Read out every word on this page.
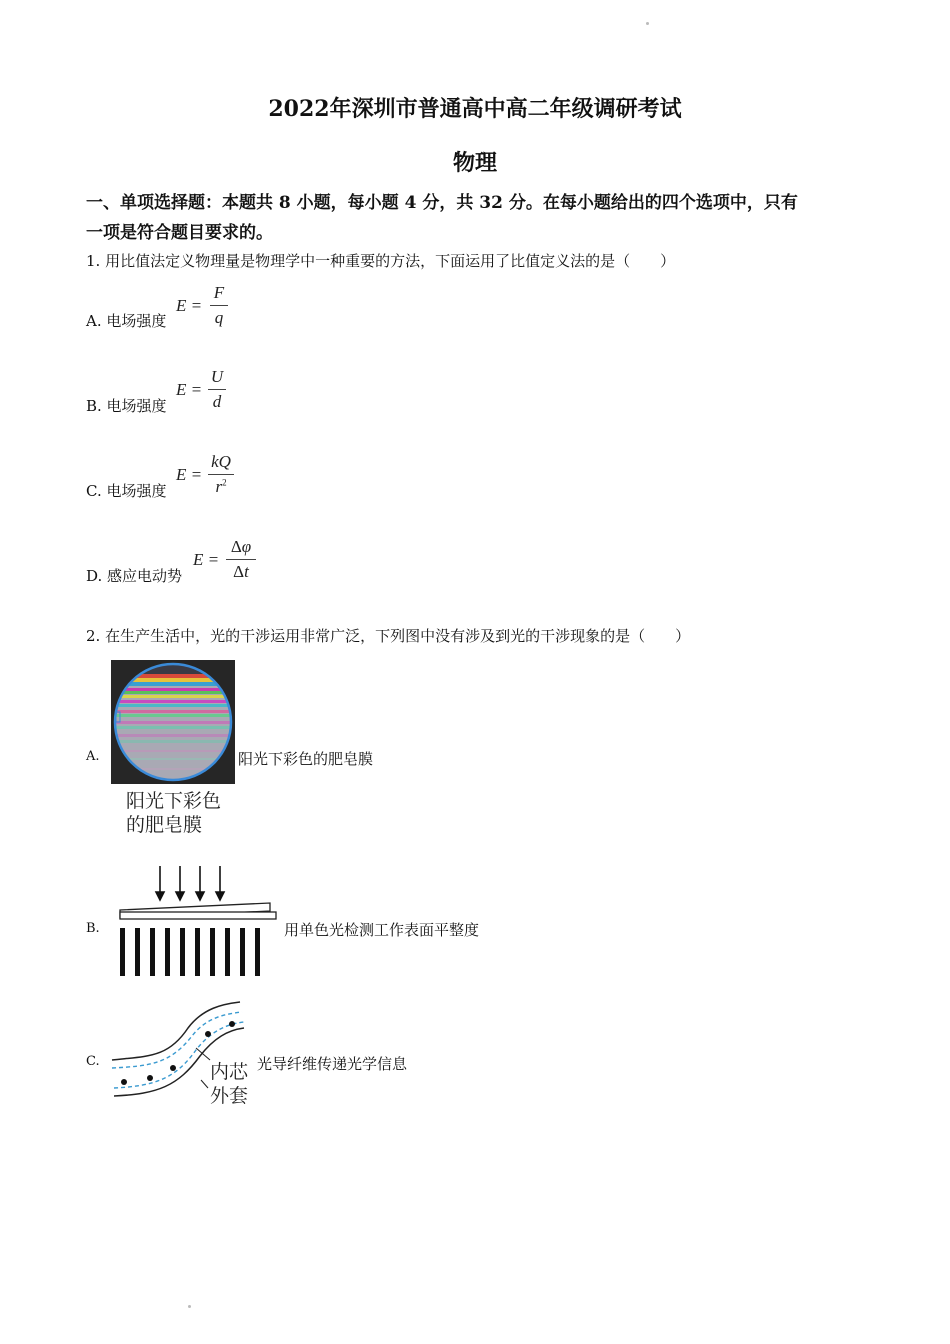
2022年深圳市普通高中高二年级调研考试
物理
一、单项选择题：本题共 8 小题，每小题 4 分，共 32 分。在每小题给出的四个选项中，只有
一项是符合题目要求的。
1. 用比值法定义物理量是物理学中一种重要的方法，下面运用了比值定义法的是（　　）
A. 电场强度
E =
F
q
B. 电场强度
E =
U
d
C. 电场强度
E =
kQ
$r^2$
D. 感应电动势
E =
Δφ
Δt
2. 在生产生活中，光的干涉运用非常广泛，下列图中没有涉及到光的干涉现象的是（　　）
A.	阳光下彩色的肥皂膜
阳光下彩色
的肥皂膜
B.	用单色光检测工作表面平整度
C.	内芯
外套
光导纤维传递光学信息
